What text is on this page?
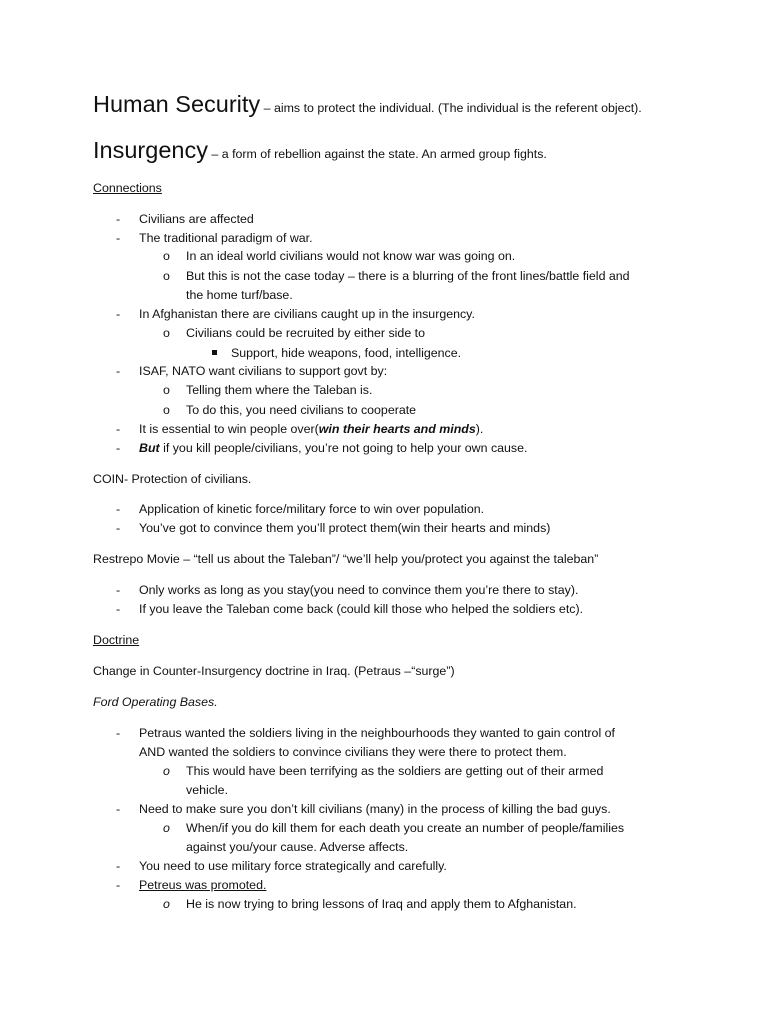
Human Security – aims to protect the individual. (The individual is the referent object).
Insurgency – a form of rebellion against the state. An armed group fights.
Connections
- Civilians are affected
- The traditional paradigm of war.
o In an ideal world civilians would not know war was going on.
o But this is not the case today – there is a blurring of the front lines/battle field and
the home turf/base.
- In Afghanistan there are civilians caught up in the insurgency.
o Civilians could be recruited by either side to
Support, hide weapons, food, intelligence.
- ISAF, NATO want civilians to support govt by:
o Telling them where the Taleban is.
o To do this, you need civilians to cooperate
- It is essential to win people over(win their hearts and minds).
- But if you kill people/civilians, you’re not going to help your own cause.
COIN- Protection of civilians.
- Application of kinetic force/military force to win over population.
- You’ve got to convince them you’ll protect them(win their hearts and minds)
Restrepo Movie – “tell us about the Taleban”/ “we’ll help you/protect you against the taleban”
- Only works as long as you stay(you need to convince them you’re there to stay).
- If you leave the Taleban come back (could kill those who helped the soldiers etc).
Doctrine
Change in Counter-Insurgency doctrine in Iraq. (Petraus –“surge”)
Ford Operating Bases.
- Petraus wanted the soldiers living in the neighbourhoods they wanted to gain control of
AND wanted the soldiers to convince civilians they were there to protect them.
o This would have been terrifying as the soldiers are getting out of their armed
vehicle.
- Need to make sure you don’t kill civilians (many) in the process of killing the bad guys.
o When/if you do kill them for each death you create an number of people/families
against you/your cause. Adverse affects.
- You need to use military force strategically and carefully.
- Petreus was promoted.
o He is now trying to bring lessons of Iraq and apply them to Afghanistan.
